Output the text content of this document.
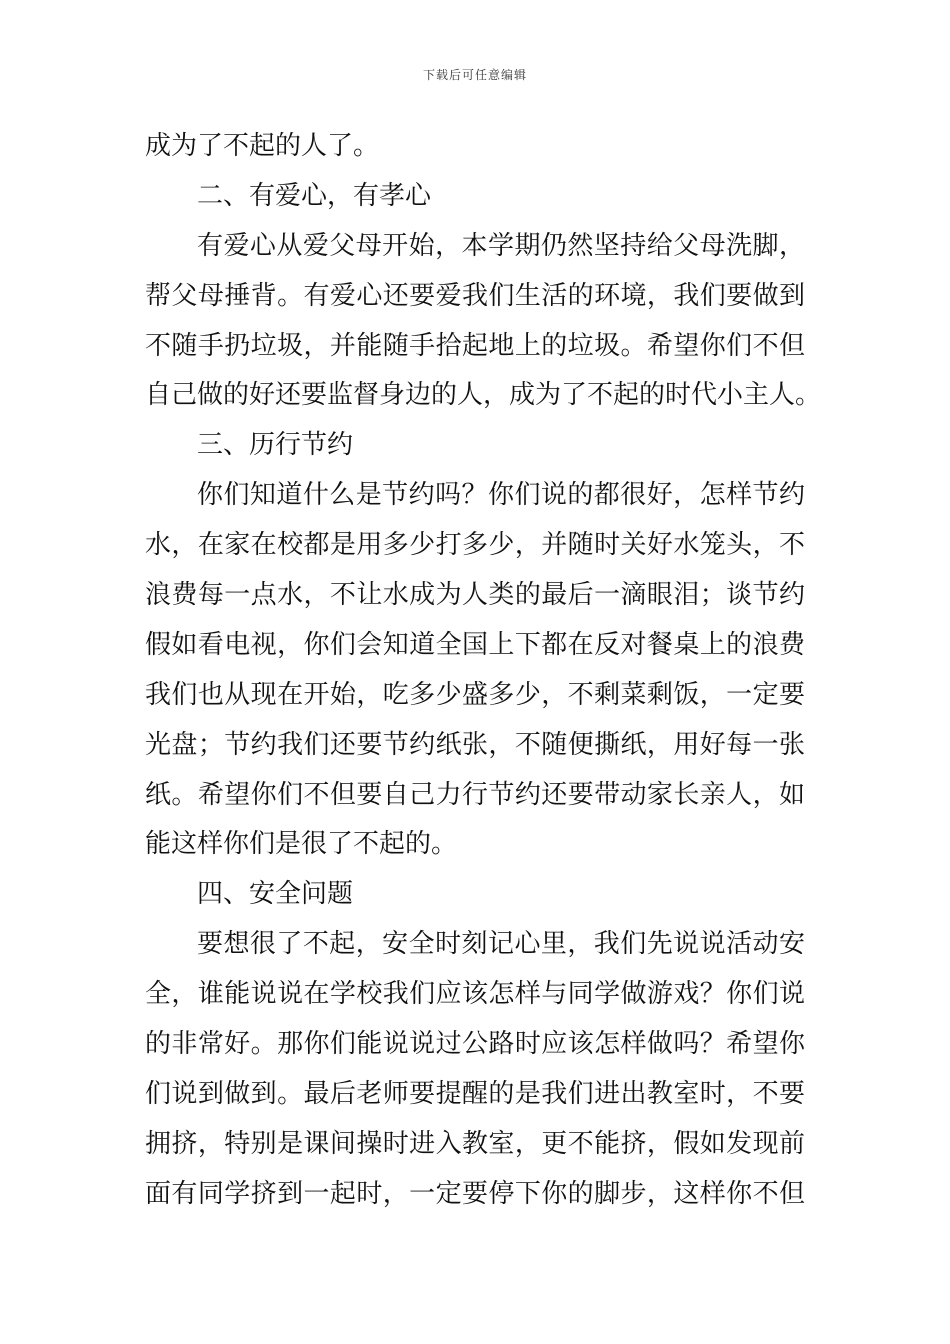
下载后可任意编辑
成为了不起的人了。
二、有爱心，有孝心
有爱心从爱父母开始，本学期仍然坚持给父母洗脚，
帮父母捶背。有爱心还要爱我们生活的环境，我们要做到
不随手扔垃圾，并能随手拾起地上的垃圾。希望你们不但
自己做的好还要监督身边的人，成为了不起的时代小主人。
三、历行节约
你们知道什么是节约吗？你们说的都很好，怎样节约
水，在家在校都是用多少打多少，并随时关好水笼头，不
浪费每一点水，不让水成为人类的最后一滴眼泪；谈节约
假如看电视，你们会知道全国上下都在反对餐桌上的浪费
我们也从现在开始，吃多少盛多少，不剩菜剩饭，一定要
光盘；节约我们还要节约纸张，不随便撕纸，用好每一张
纸。希望你们不但要自己力行节约还要带动家长亲人，如
能这样你们是很了不起的。
四、安全问题
要想很了不起，安全时刻记心里，我们先说说活动安
全，谁能说说在学校我们应该怎样与同学做游戏？你们说
的非常好。那你们能说说过公路时应该怎样做吗？希望你
们说到做到。最后老师要提醒的是我们进出教室时，不要
拥挤，特别是课间操时进入教室，更不能挤，假如发现前
面有同学挤到一起时，一定要停下你的脚步，这样你不但
